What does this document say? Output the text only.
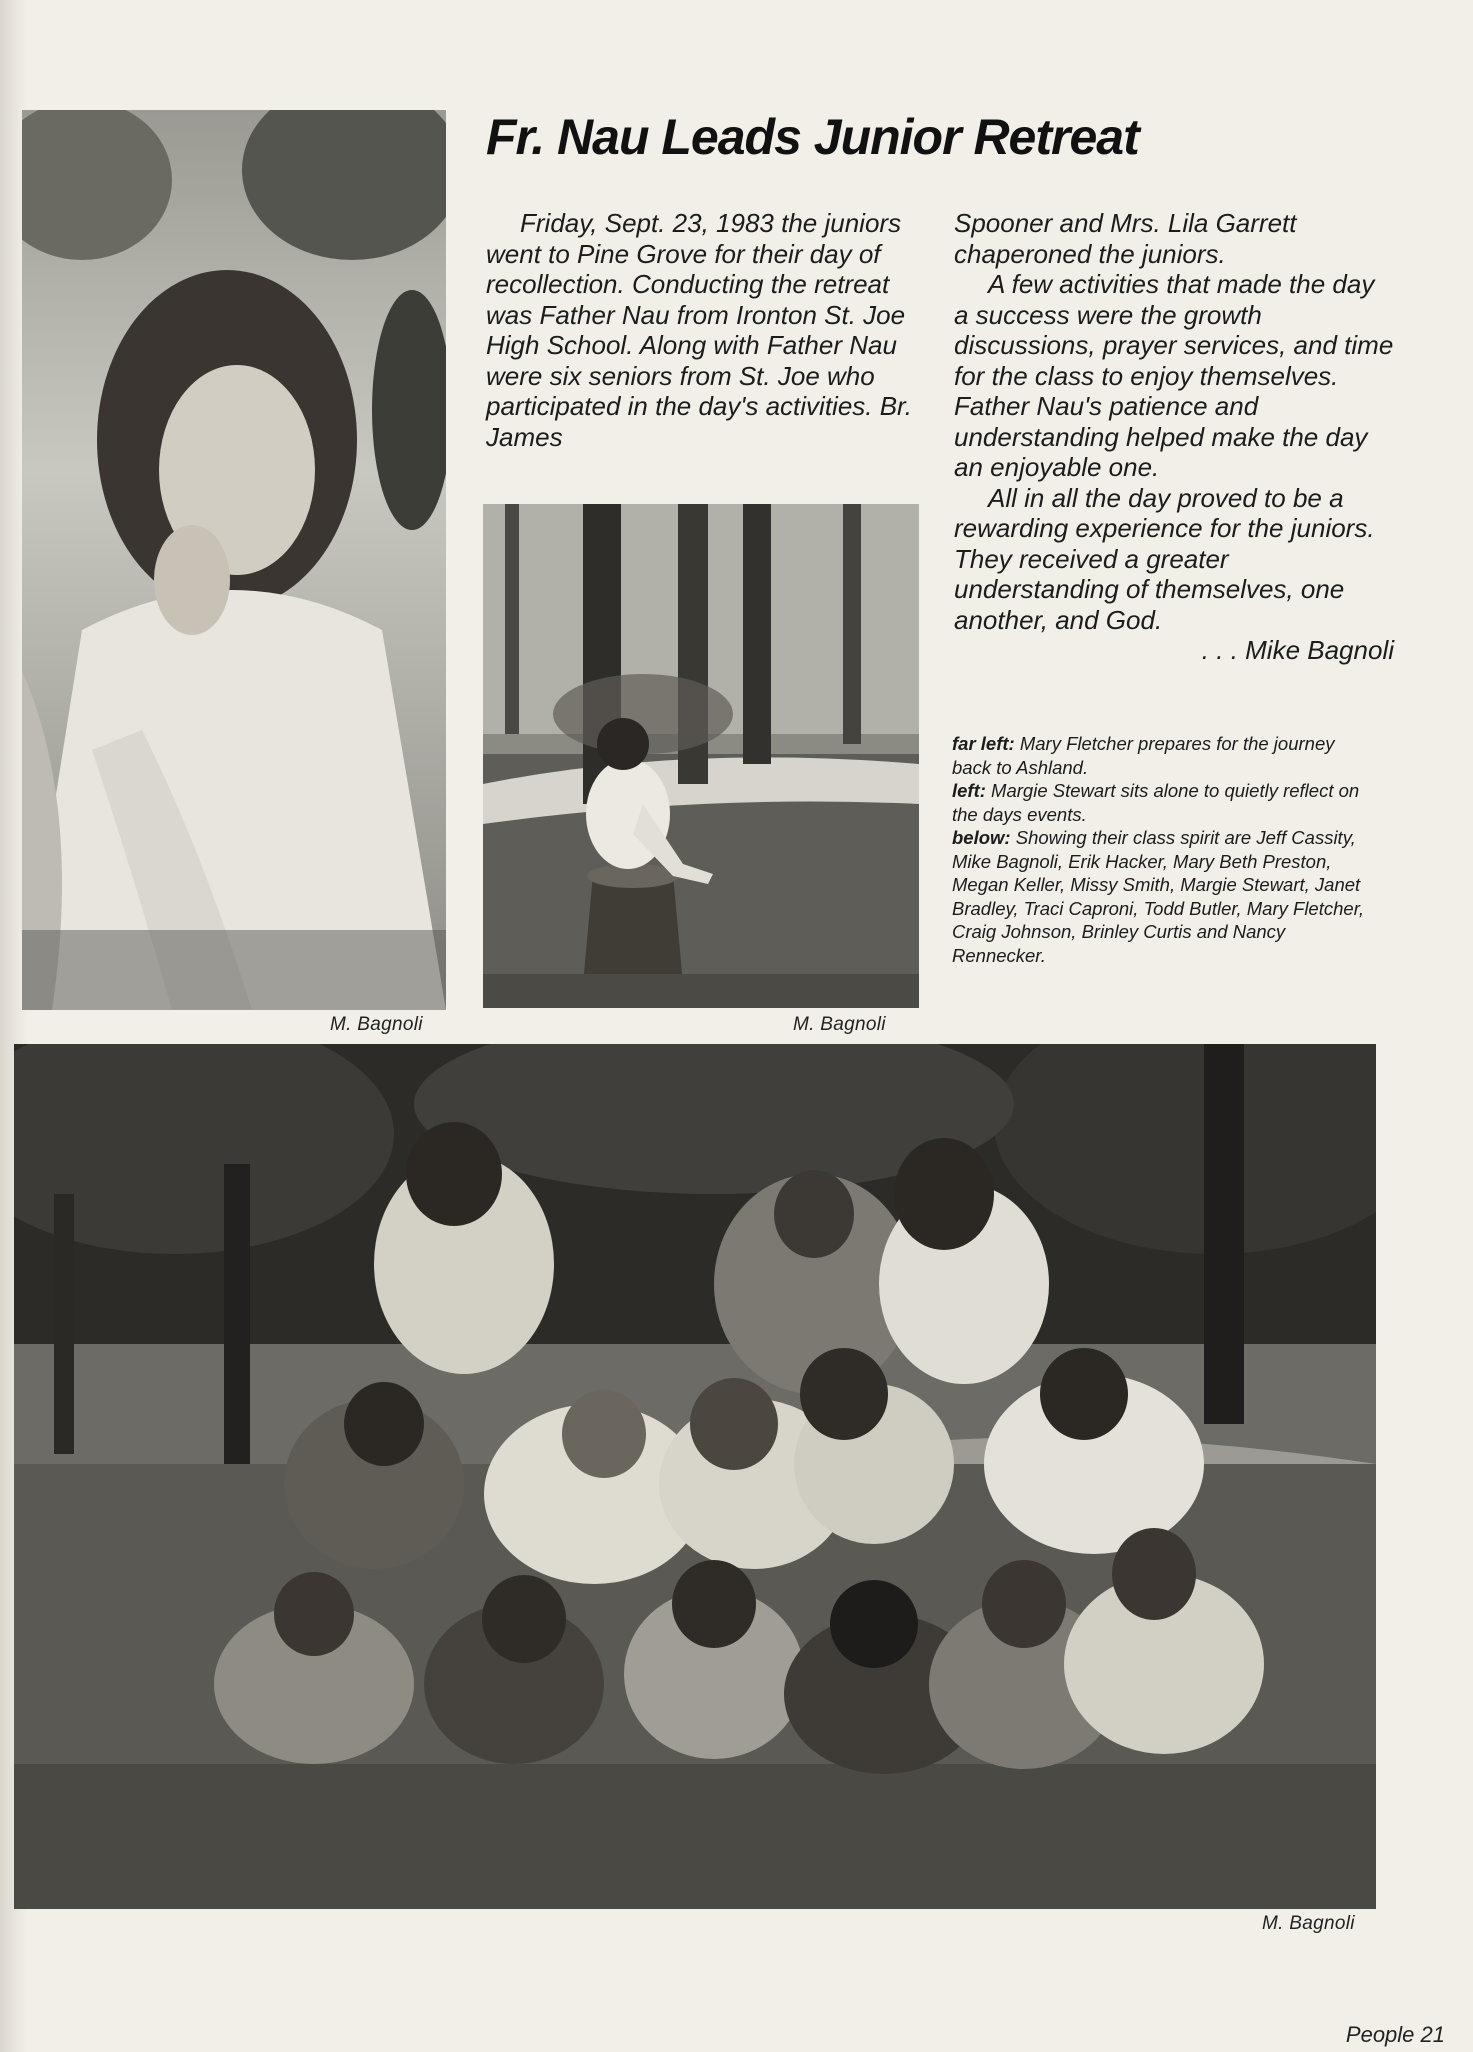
M. Bagnoli
Fr. Nau Leads Junior Retreat

Friday, Sept. 23, 1983 the juniors went to Pine Grove for their day of recollection. Conducting the retreat was Father Nau from Ironton St. Joe High School. Along with Father Nau were six seniors from St. Joe who participated in the day's activities. Br. James

M. Bagnoli

Spooner and Mrs. Lila Garrett chaperoned the juniors.

A few activities that made the day a success were the growth discussions, prayer services, and time for the class to enjoy themselves. Father Nau's patience and understanding helped make the day an enjoyable one.

All in all the day proved to be a rewarding experience for the juniors. They received a greater understanding of themselves, one another, and God.

. . . Mike Bagnoli

far left: Mary Fletcher prepares for the journey back to Ashland.

left: Margie Stewart sits alone to quietly reflect on the days events.

below: Showing their class spirit are Jeff Cassity, Mike Bagnoli, Erik Hacker, Mary Beth Preston, Megan Keller, Missy Smith, Margie Stewart, Janet Bradley, Traci Caproni, Todd Butler, Mary Fletcher, Craig Johnson, Brinley Curtis and Nancy Rennecker.

M. Bagnoli
People 21
